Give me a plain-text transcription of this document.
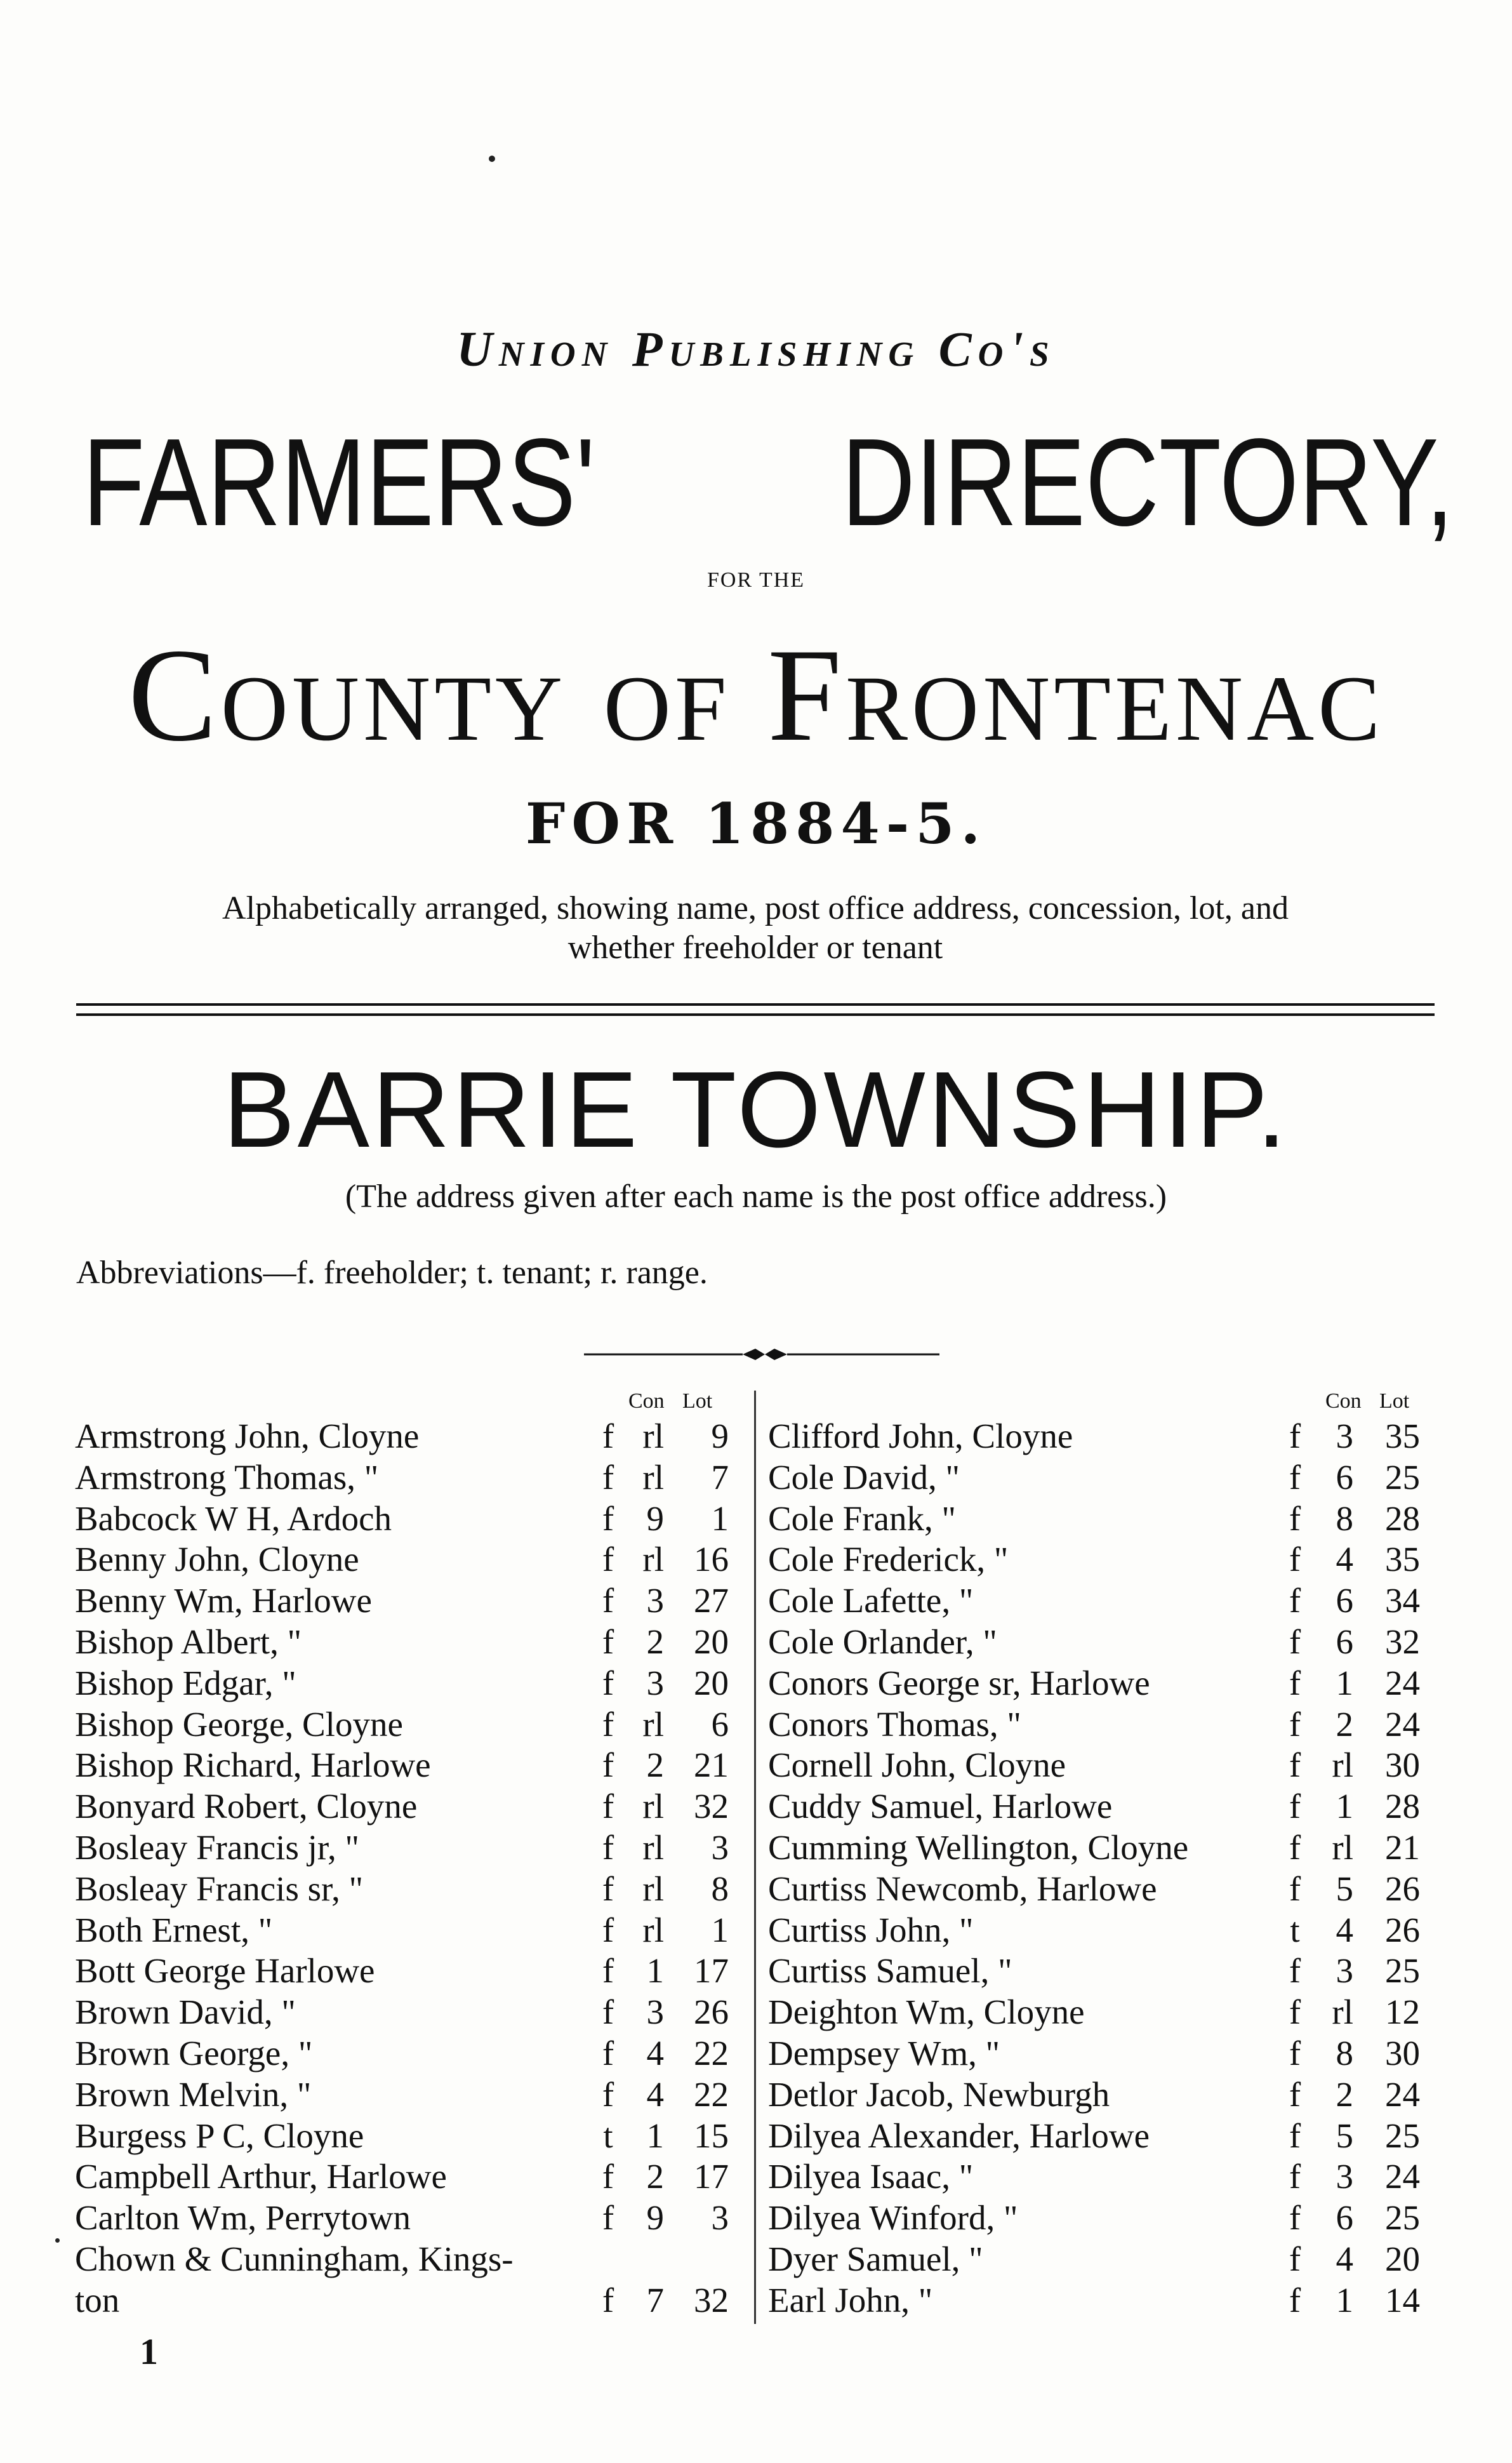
Union Publishing Co's
FARMERS' DIRECTORY,
FOR THE
County of Frontenac
FOR 1884-5.
Alphabetically arranged, showing name, post office address, concession, lot, and
whether freeholder or tenant
BARRIE TOWNSHIP.
(The address given after each name is the post office address.)
Abbreviations—f. freeholder; t. tenant; r. range.
Con Lot	Con Lot
Armstrong John, Cloyne	f rl	9
Armstrong Thomas, "	f rl	7
Babcock W H, Ardoch	f 9	1
Benny John, Cloyne	f rl 16
Benny Wm, Harlowe	f 3 27
Bishop Albert, "	f 2 20
Bishop Edgar, "	f 3 20
Bishop George, Cloyne	f rl	6
Bishop Richard, Harlowe	f 2 21
Bonyard Robert, Cloyne	f rl 32
Bosleay Francis jr, "	f rl	3
Bosleay Francis sr, "	f rl	8
Both Ernest, "	f rl	1
Bott George Harlowe	f 1 17
Brown David, "	f 3 26
Brown George, "	f 4 22
Brown Melvin, "	f 4 22
Burgess P C, Cloyne	t 1 15
Campbell Arthur, Harlowe	f 2 17
Carlton Wm, Perrytown	f 9	3
Chown & Cunningham, Kings-
ton	f 7 32
Clifford John, Cloyne	f	3 35
Cole David, "	f	6 25
Cole Frank, "	f	8 28
Cole Frederick, "	f	4 35
Cole Lafette, "	f	6 34
Cole Orlander, "	f	6 32
Conors George sr, Harlowe	f	1 24
Conors Thomas, "	f	2 24
Cornell John, Cloyne	f rl 30
Cuddy Samuel, Harlowe	f	1 28
Cumming Wellington, Cloyne	f rl 21
Curtiss Newcomb, Harlowe	f	5 26
Curtiss John, "	t	4 26
Curtiss Samuel, "	f	3 25
Deighton Wm, Cloyne	f rl 12
Dempsey Wm, "	f	8 30
Detlor Jacob, Newburgh	f	2 24
Dilyea Alexander, Harlowe	f	5 25
Dilyea Isaac, "	f	3 24
Dilyea Winford, "	f	6 25
Dyer Samuel, "	f	4 20
Earl John, "	f	1 14
1
